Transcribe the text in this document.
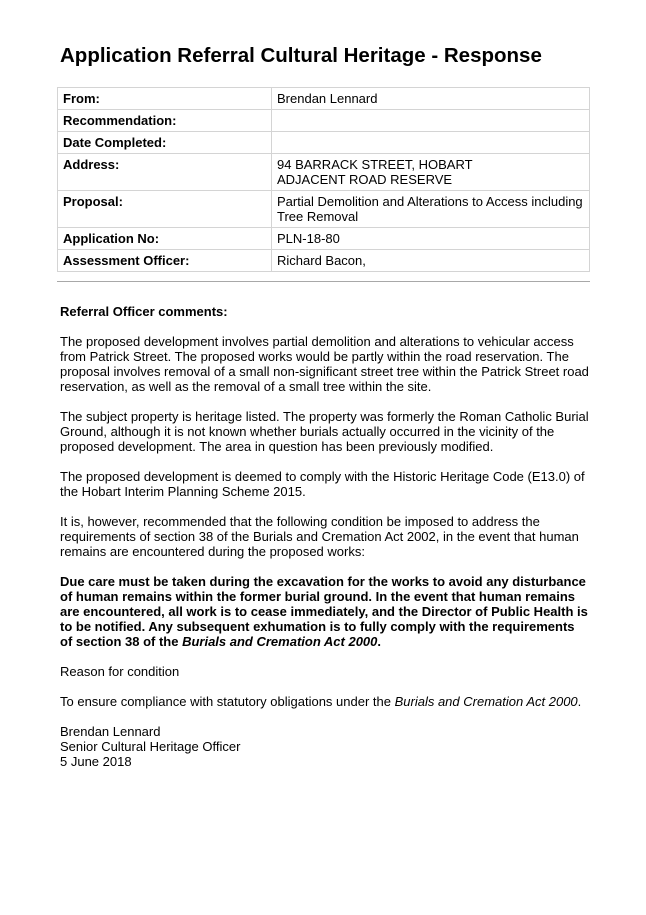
Application Referral Cultural Heritage - Response
From:	Brendan Lennard
Recommendation:	
Date Completed:	
Address:	94 BARRACK STREET, HOBART
ADJACENT ROAD RESERVE
Proposal:	Partial Demolition and Alterations to Access including Tree Removal
Application No:	PLN-18-80
Assessment Officer:	Richard Bacon,
Referral Officer comments:

The proposed development involves partial demolition and alterations to vehicular access from Patrick Street. The proposed works would be partly within the road reservation. The proposal involves removal of a small non-significant street tree within the Patrick Street road reservation, as well as the removal of a small tree within the site.

The subject property is heritage listed. The property was formerly the Roman Catholic Burial Ground, although it is not known whether burials actually occurred in the vicinity of the proposed development. The area in question has been previously modified.

The proposed development is deemed to comply with the Historic Heritage Code (E13.0) of the Hobart Interim Planning Scheme 2015.

It is, however, recommended that the following condition be imposed to address the requirements of section 38 of the Burials and Cremation Act 2002, in the event that human remains are encountered during the proposed works:

Due care must be taken during the excavation for the works to avoid any disturbance of human remains within the former burial ground. In the event that human remains are encountered, all work is to cease immediately, and the Director of Public Health is to be notified. Any subsequent exhumation is to fully comply with the requirements of section 38 of the Burials and Cremation Act 2000.

Reason for condition

To ensure compliance with statutory obligations under the Burials and Cremation Act 2000.

Brendan Lennard
Senior Cultural Heritage Officer
5 June 2018
